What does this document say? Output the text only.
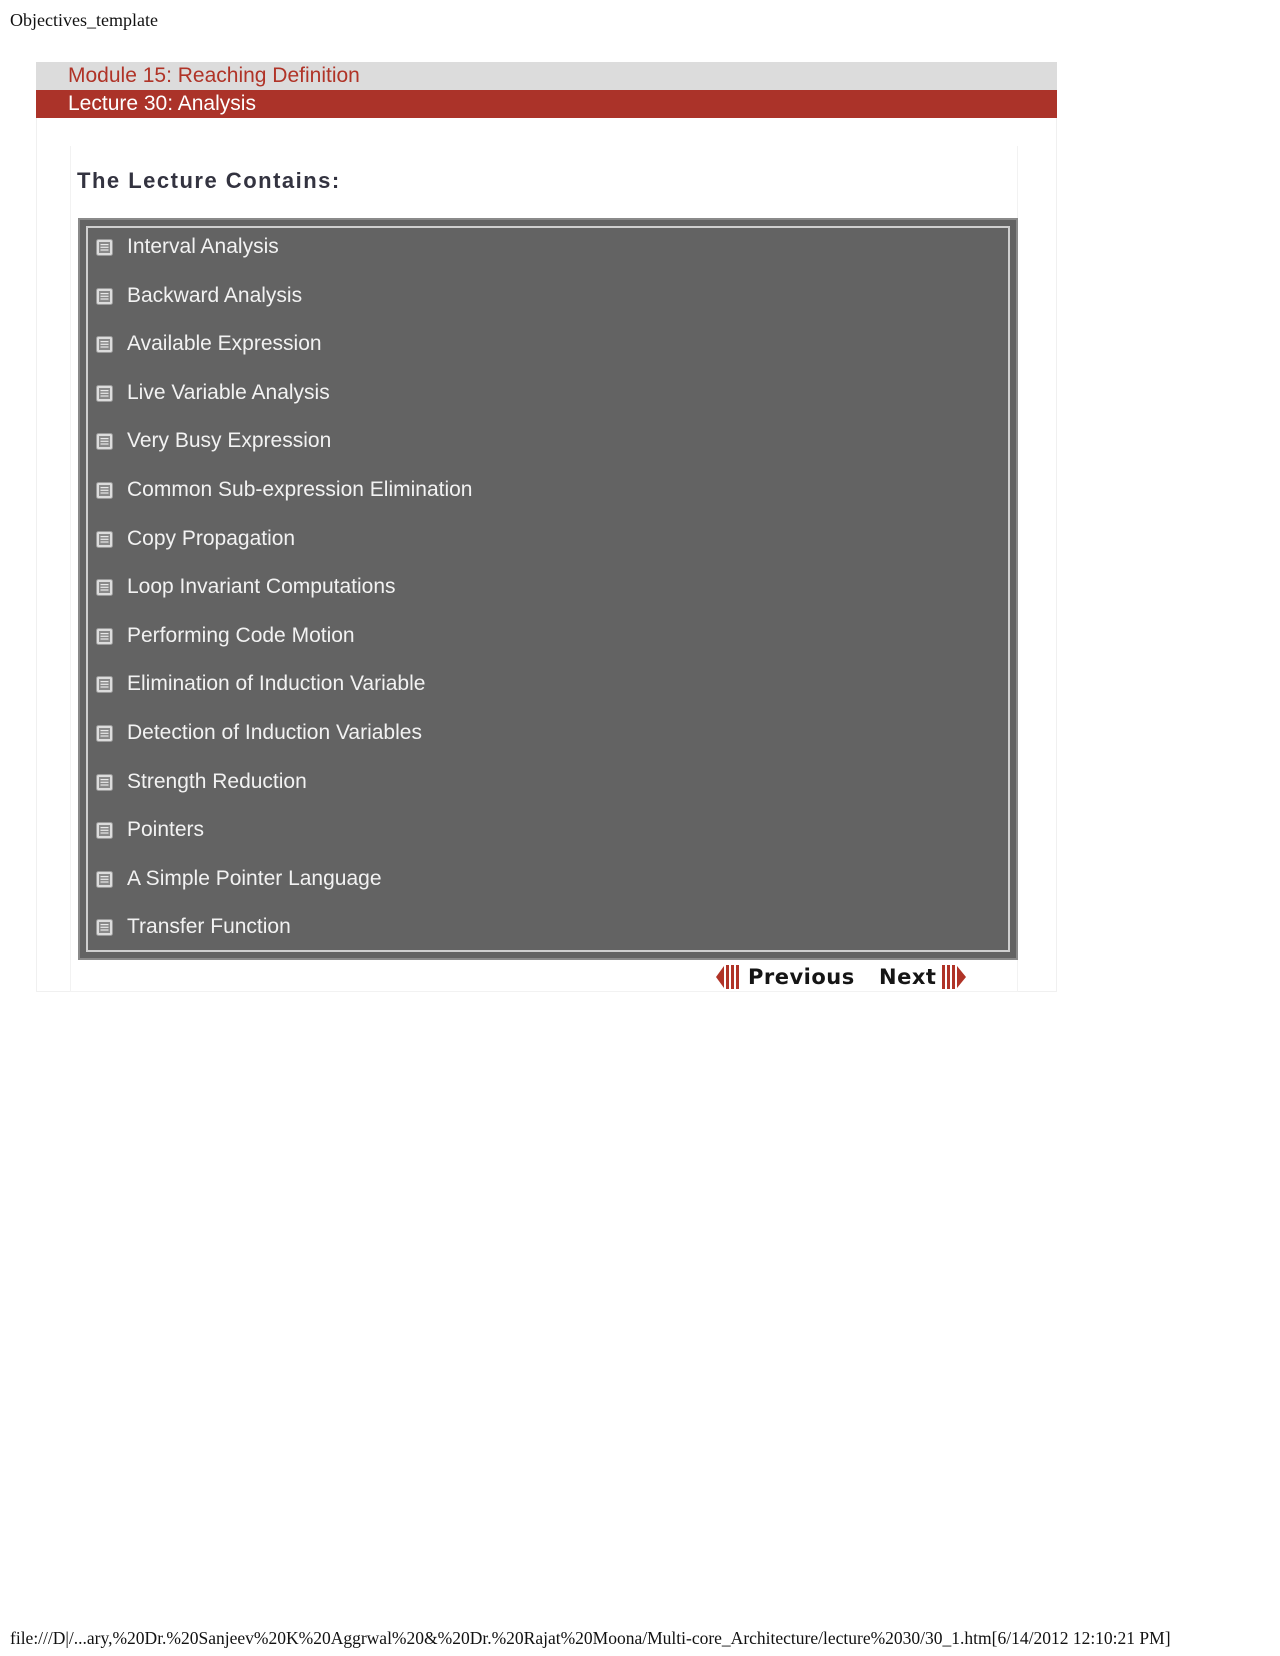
Objectives_template
Module 15: Reaching Definition
Lecture 30: Analysis
The Lecture Contains:
Interval Analysis
Backward Analysis
Available Expression
Live Variable Analysis
Very Busy Expression
Common Sub-expression Elimination
Copy Propagation
Loop Invariant Computations
Performing Code Motion
Elimination of Induction Variable
Detection of Induction Variables
Strength Reduction
Pointers
A Simple Pointer Language
Transfer Function
Previous Next
file:///D|/...ary,%20Dr.%20Sanjeev%20K%20Aggrwal%20&%20Dr.%20Rajat%20Moona/Multi-core_Architecture/lecture%2030/30_1.htm[6/14/2012 12:10:21 PM]
